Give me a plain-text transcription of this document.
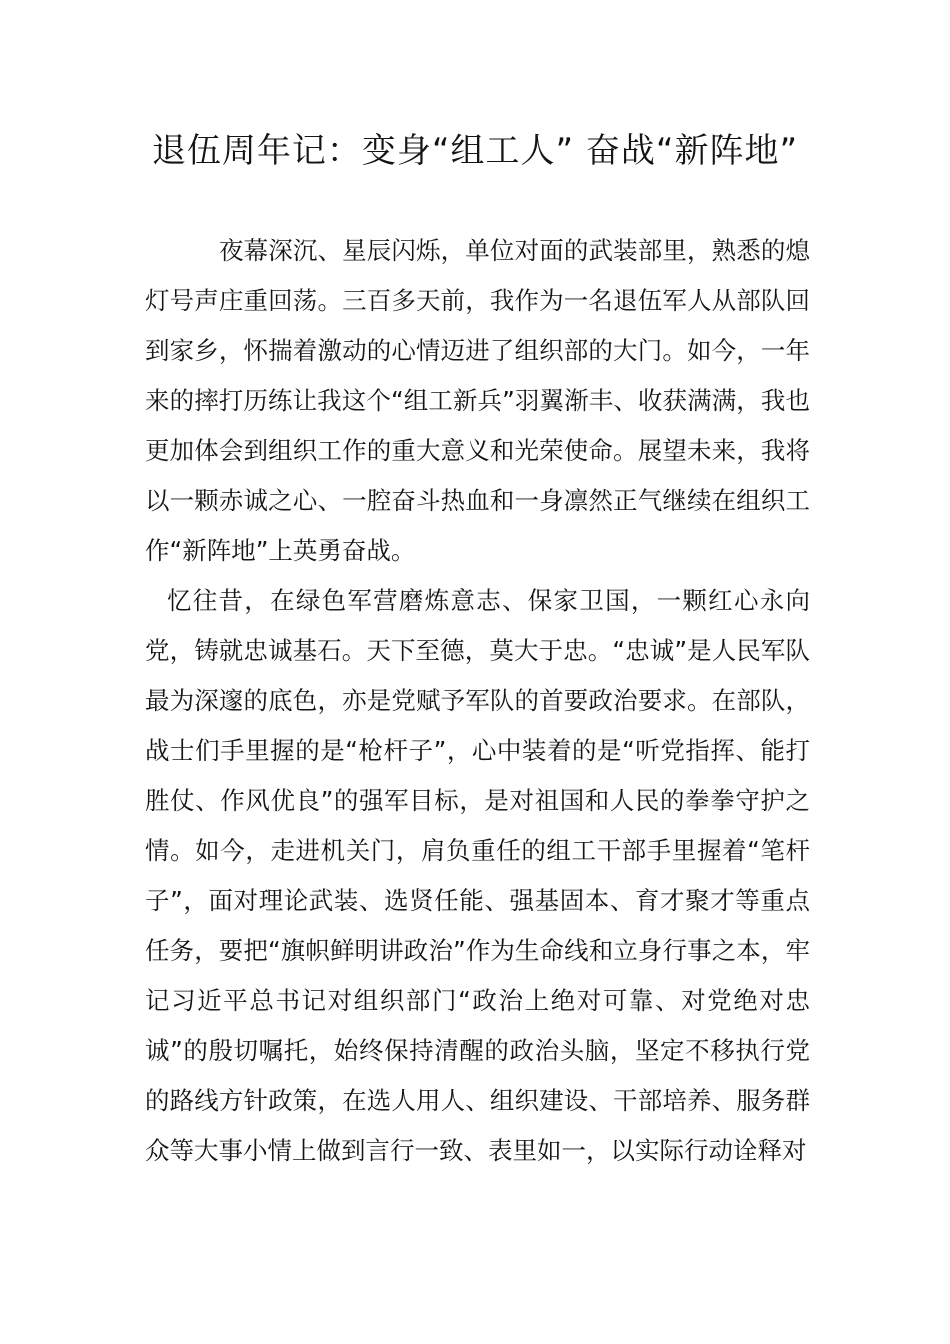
退伍周年记：变身“组工人” 奋战“新阵地”

夜幕深沉、星辰闪烁，单位对面的武装部里，熟悉的熄灯号声庄重回荡。三百多天前，我作为一名退伍军人从部队回到家乡，怀揣着激动的心情迈进了组织部的大门。如今，一年来的摔打历练让我这个“组工新兵”羽翼渐丰、收获满满，我也更加体会到组织工作的重大意义和光荣使命。展望未来，我将以一颗赤诚之心、一腔奋斗热血和一身凛然正气继续在组织工作“新阵地”上英勇奋战。

忆往昔，在绿色军营磨炼意志、保家卫国，一颗红心永向党，铸就忠诚基石。天下至德，莫大于忠。“忠诚”是人民军队最为深邃的底色，亦是党赋予军队的首要政治要求。在部队，战士们手里握的是“枪杆子”，心中装着的是“听党指挥、能打胜仗、作风优良”的强军目标，是对祖国和人民的拳拳守护之情。如今，走进机关门，肩负重任的组工干部手里握着“笔杆子”，面对理论武装、选贤任能、强基固本、育才聚才等重点任务，要把“旗帜鲜明讲政治”作为生命线和立身行事之本，牢记习近平总书记对组织部门“政治上绝对可靠、对党绝对忠诚”的殷切嘱托，始终保持清醒的政治头脑，坚定不移执行党的路线方针政策，在选人用人、组织建设、干部培养、服务群众等大事小情上做到言行一致、表里如一，以实际行动诠释对
